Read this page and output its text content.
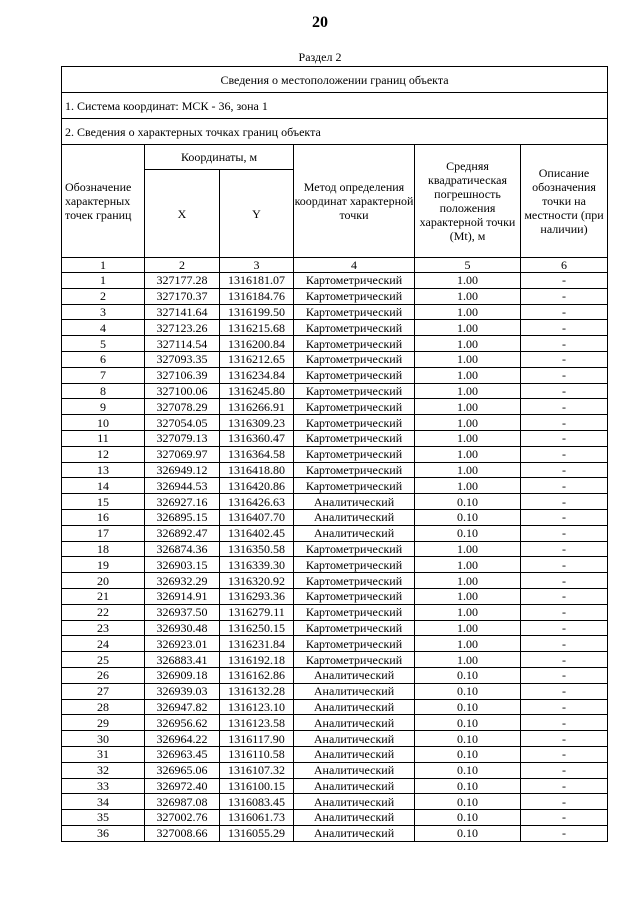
20
Раздел 2
Сведения о местоположении границ объекта					
1. Система координат: МСК - 36, зона 1					
2. Сведения о характерных точках границ объекта					
Обозначение характерных точек границ	Координаты, м		Метод определения координат характерной точки	Средняя квадратическая погрешность положения характерной точки (Mt), м	Описание обозначения точки на местности (при наличии)
	X	Y			
1	2	3	4	5	6
1	327177.28	1316181.07	Картометрический	1.00	-
2	327170.37	1316184.76	Картометрический	1.00	-
3	327141.64	1316199.50	Картометрический	1.00	-
4	327123.26	1316215.68	Картометрический	1.00	-
5	327114.54	1316200.84	Картометрический	1.00	-
6	327093.35	1316212.65	Картометрический	1.00	-
7	327106.39	1316234.84	Картометрический	1.00	-
8	327100.06	1316245.80	Картометрический	1.00	-
9	327078.29	1316266.91	Картометрический	1.00	-
10	327054.05	1316309.23	Картометрический	1.00	-
11	327079.13	1316360.47	Картометрический	1.00	-
12	327069.97	1316364.58	Картометрический	1.00	-
13	326949.12	1316418.80	Картометрический	1.00	-
14	326944.53	1316420.86	Картометрический	1.00	-
15	326927.16	1316426.63	Аналитический	0.10	-
16	326895.15	1316407.70	Аналитический	0.10	-
17	326892.47	1316402.45	Аналитический	0.10	-
18	326874.36	1316350.58	Картометрический	1.00	-
19	326903.15	1316339.30	Картометрический	1.00	-
20	326932.29	1316320.92	Картометрический	1.00	-
21	326914.91	1316293.36	Картометрический	1.00	-
22	326937.50	1316279.11	Картометрический	1.00	-
23	326930.48	1316250.15	Картометрический	1.00	-
24	326923.01	1316231.84	Картометрический	1.00	-
25	326883.41	1316192.18	Картометрический	1.00	-
26	326909.18	1316162.86	Аналитический	0.10	-
27	326939.03	1316132.28	Аналитический	0.10	-
28	326947.82	1316123.10	Аналитический	0.10	-
29	326956.62	1316123.58	Аналитический	0.10	-
30	326964.22	1316117.90	Аналитический	0.10	-
31	326963.45	1316110.58	Аналитический	0.10	-
32	326965.06	1316107.32	Аналитический	0.10	-
33	326972.40	1316100.15	Аналитический	0.10	-
34	326987.08	1316083.45	Аналитический	0.10	-
35	327002.76	1316061.73	Аналитический	0.10	-
36	327008.66	1316055.29	Аналитический	0.10	-
